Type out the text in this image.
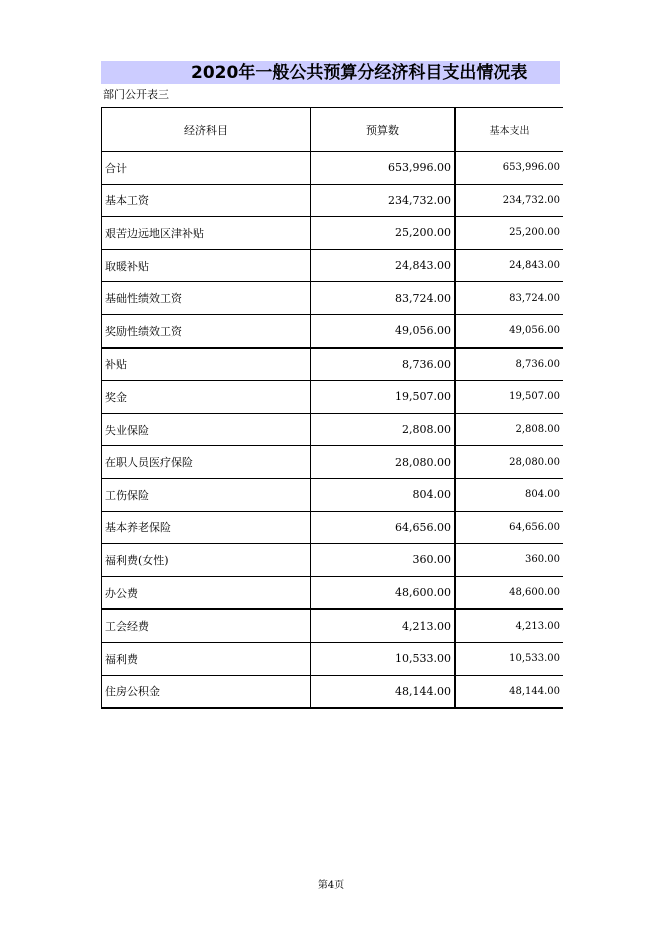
2020年一般公共预算分经济科目支出情况表
部门公开表三
经济科目	预算数	基本支出
合计	653,996.00	653,996.00
基本工资	234,732.00	234,732.00
艰苦边远地区津补贴	25,200.00	25,200.00
取暖补贴	24,843.00	24,843.00
基础性绩效工资	83,724.00	83,724.00
奖励性绩效工资	49,056.00	49,056.00
补贴	8,736.00	8,736.00
奖金	19,507.00	19,507.00
失业保险	2,808.00	2,808.00
在职人员医疗保险	28,080.00	28,080.00
工伤保险	804.00	804.00
基本养老保险	64,656.00	64,656.00
福利费(女性)	360.00	360.00
办公费	48,600.00	48,600.00
工会经费	4,213.00	4,213.00
福利费	10,533.00	10,533.00
住房公积金	48,144.00	48,144.00
第4页
